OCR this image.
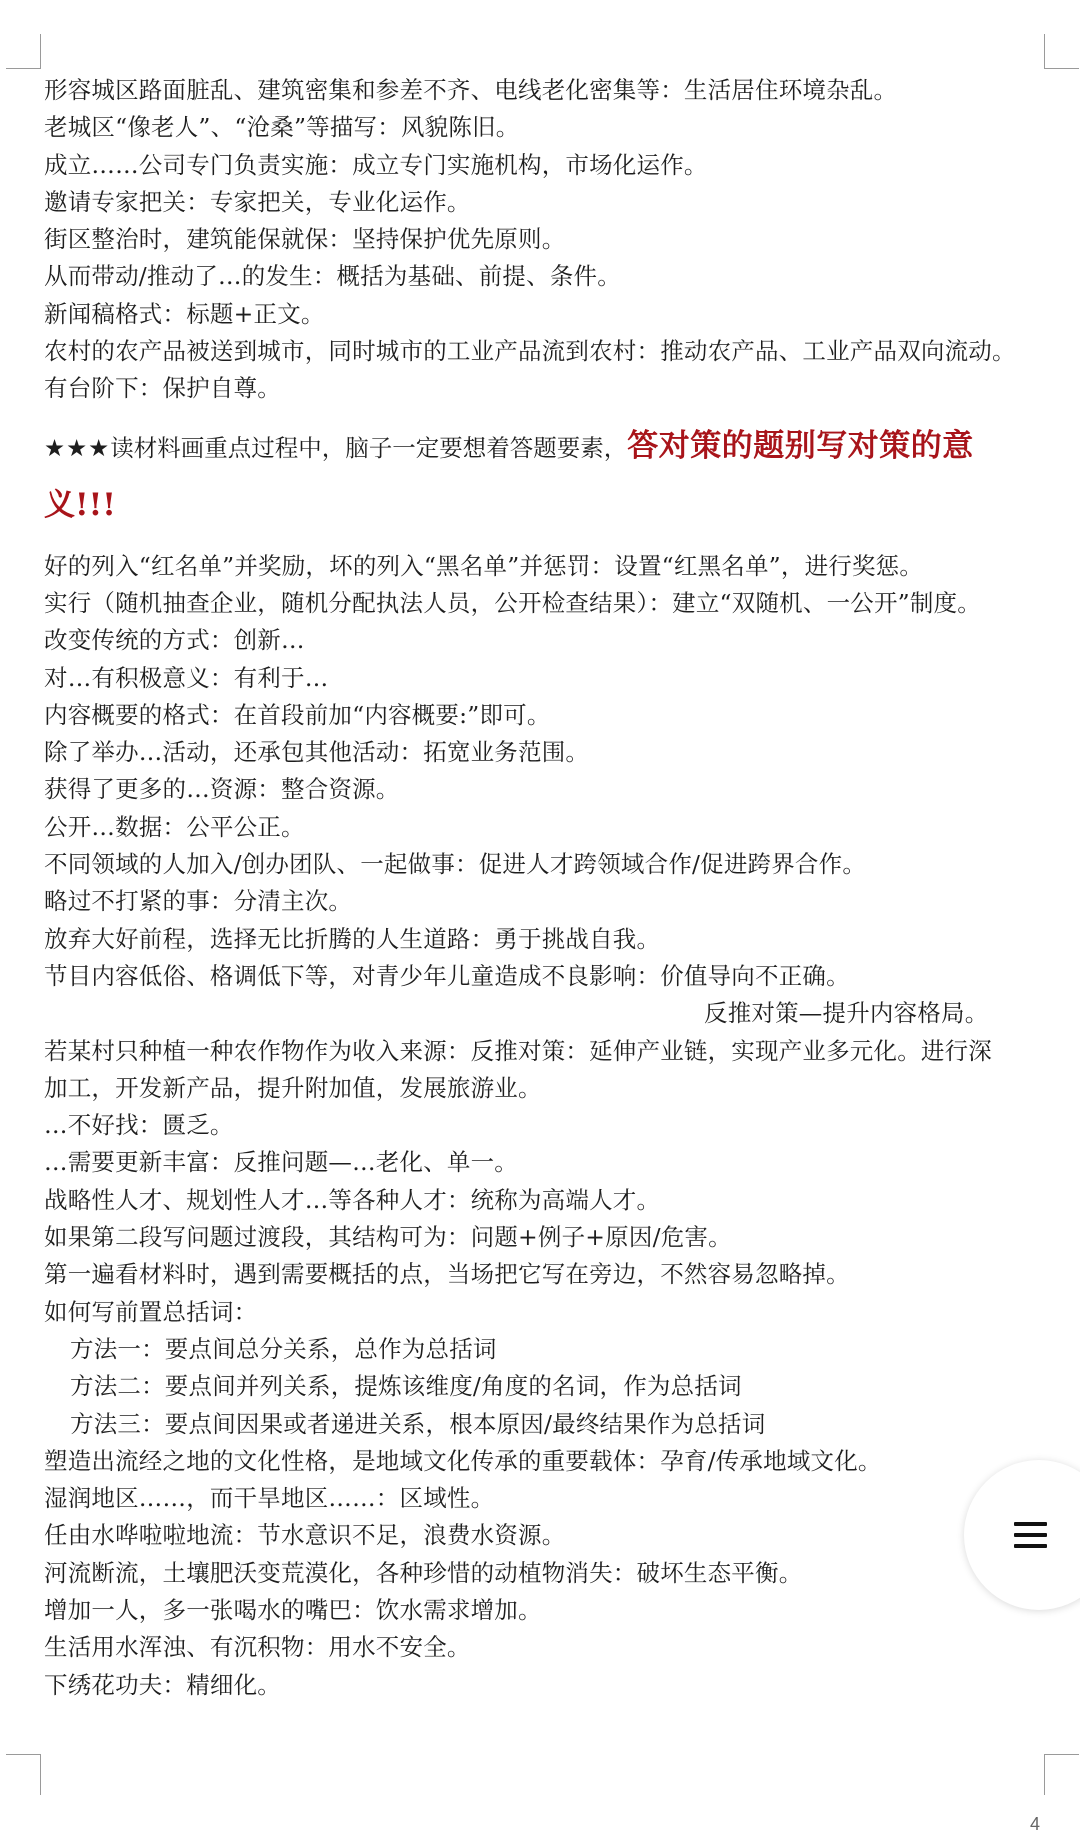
形容城区路面脏乱、建筑密集和参差不齐、电线老化密集等：生活居住环境杂乱。
老城区“像老人”、“沧桑”等描写：风貌陈旧。
成立……公司专门负责实施：成立专门实施机构，市场化运作。
邀请专家把关：专家把关，专业化运作。
街区整治时，建筑能保就保：坚持保护优先原则。
从而带动/推动了…的发生：概括为基础、前提、条件。
新闻稿格式：标题+正文。
农村的农产品被送到城市，同时城市的工业产品流到农村：推动农产品、工业产品双向流动。
有台阶下：保护自尊。
★★★读材料画重点过程中，脑子一定要想着答题要素，答对策的题别写对策的意
义!!!
好的列入“红名单”并奖励，坏的列入“黑名单”并惩罚：设置“红黑名单”，进行奖惩。
实行（随机抽查企业，随机分配执法人员，公开检查结果）：建立“双随机、一公开”制度。
改变传统的方式：创新…
对…有积极意义：有利于…
内容概要的格式：在首段前加“内容概要:”即可。
除了举办…活动，还承包其他活动：拓宽业务范围。
获得了更多的…资源：整合资源。
公开…数据：公平公正。
不同领域的人加入/创办团队、一起做事：促进人才跨领域合作/促进跨界合作。
略过不打紧的事：分清主次。
放弃大好前程，选择无比折腾的人生道路：勇于挑战自我。
节目内容低俗、格调低下等，对青少年儿童造成不良影响：价值导向不正确。
反推对策—提升内容格局。
若某村只种植一种农作物作为收入来源：反推对策：延伸产业链，实现产业多元化。进行深
加工，开发新产品，提升附加值，发展旅游业。
…不好找：匮乏。
…需要更新丰富：反推问题—…老化、单一。
战略性人才、规划性人才…等各种人才：统称为高端人才。
如果第二段写问题过渡段，其结构可为：问题+例子+原因/危害。
第一遍看材料时，遇到需要概括的点，当场把它写在旁边，不然容易忽略掉。
如何写前置总括词：
方法一：要点间总分关系，总作为总括词
方法二：要点间并列关系，提炼该维度/角度的名词，作为总括词
方法三：要点间因果或者递进关系，根本原因/最终结果作为总括词
塑造出流经之地的文化性格，是地域文化传承的重要载体：孕育/传承地域文化。
湿润地区……，而干旱地区……：区域性。
任由水哗啦啦地流：节水意识不足，浪费水资源。
河流断流，土壤肥沃变荒漠化，各种珍惜的动植物消失：破坏生态平衡。
增加一人，多一张喝水的嘴巴：饮水需求增加。
生活用水浑浊、有沉积物：用水不安全。
下绣花功夫：精细化。
4
